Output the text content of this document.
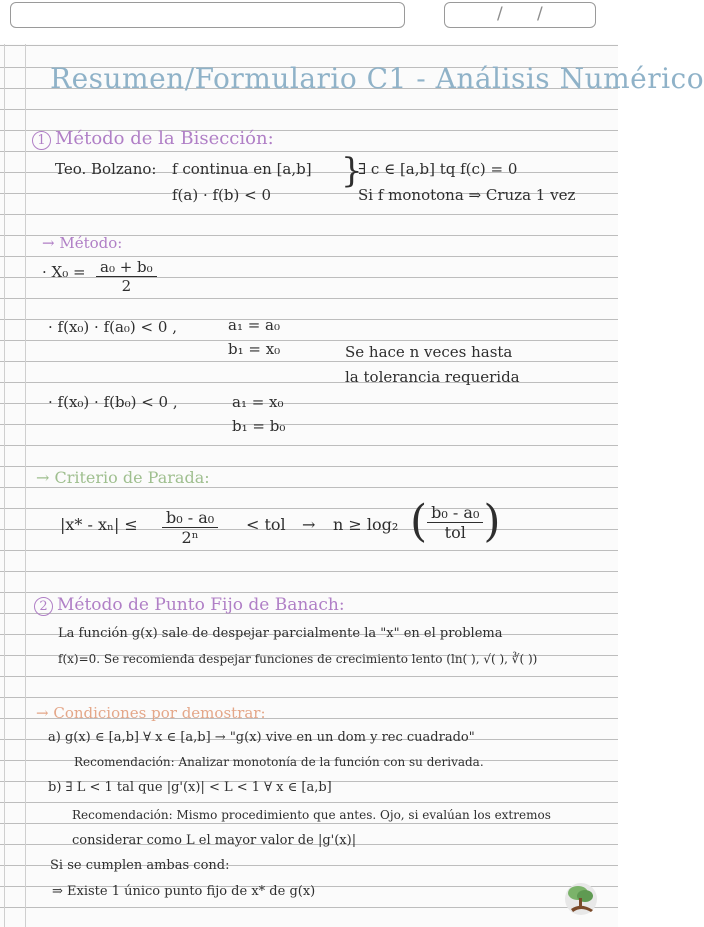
/ /
Resumen/Formulario C1 - Análisis Numérico
1 Método de la Bisección:
Teo. Bolzano: f continua en [a,b]
f(a) · f(b) < 0
}
∃ c ∈ [a,b] tq f(c) = 0
Si f monotona ⇒ Cruza 1 vez
→ Método:
· $X_0 = \frac{\text{a₀ + b₀}}{2}$
· f(x₀) · f(a₀) < 0 ,	a₁ = a₀
b₁ = x₀	Se hace n veces hasta
la tolerancia requerida
· f(x₀) · f(b₀) < 0 ,	a₁ = x₀
b₁ = b₀
→ Criterio de Parada:
$|x* - x_n| \le \frac{\text{b₀ - a₀}}{\text{2ⁿ}}$ < tol → n ≥ log₂ ( $\frac{\text{b₀ - a₀}}{\text{tol}}$ )
2 Método de Punto Fijo de Banach:
La función g(x) sale de despejar parcialmente la "x" en el problema
f(x)=0. Se recomienda despejar funciones de crecimiento lento (ln( ), √( ), ∛( ))
→ Condiciones por demostrar:
a) g(x) ∈ [a,b] ∀ x ∈ [a,b] → "g(x) vive en un dom y rec cuadrado"
Recomendación: Analizar monotonía de la función con su derivada.
b) ∃ L < 1 tal que |g'(x)| < L < 1 ∀ x ∈ [a,b]
Recomendación: Mismo procedimiento que antes. Ojo, si evalúan los extremos
considerar como L el mayor valor de |g'(x)|
Si se cumplen ambas cond:
⇒ Existe 1 único punto fijo de x* de g(x)
